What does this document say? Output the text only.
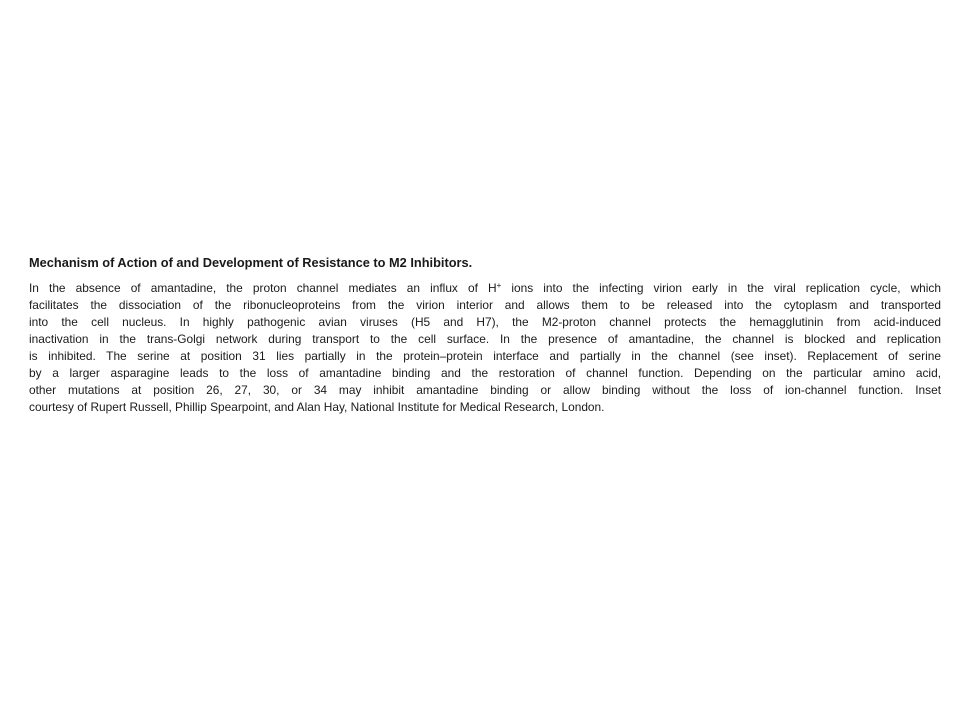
Mechanism of Action of and Development of Resistance to M2 Inhibitors.

In the absence of amantadine, the proton channel mediates an influx of H+ ions into the infecting virion early in the viral replication cycle, which
facilitates the dissociation of the ribonucleoproteins from the virion interior and allows them to be released into the cytoplasm and transported
into the cell nucleus. In highly pathogenic avian viruses (H5 and H7), the M2-proton channel protects the hemagglutinin from acid-induced
inactivation in the trans-Golgi network during transport to the cell surface. In the presence of amantadine, the channel is blocked and replication
is inhibited. The serine at position 31 lies partially in the protein–protein interface and partially in the channel (see inset). Replacement of serine
by a larger asparagine leads to the loss of amantadine binding and the restoration of channel function. Depending on the particular amino acid,
other mutations at position 26, 27, 30, or 34 may inhibit amantadine binding or allow binding without the loss of ion-channel function. Inset
courtesy of Rupert Russell, Phillip Spearpoint, and Alan Hay, National Institute for Medical Research, London.
